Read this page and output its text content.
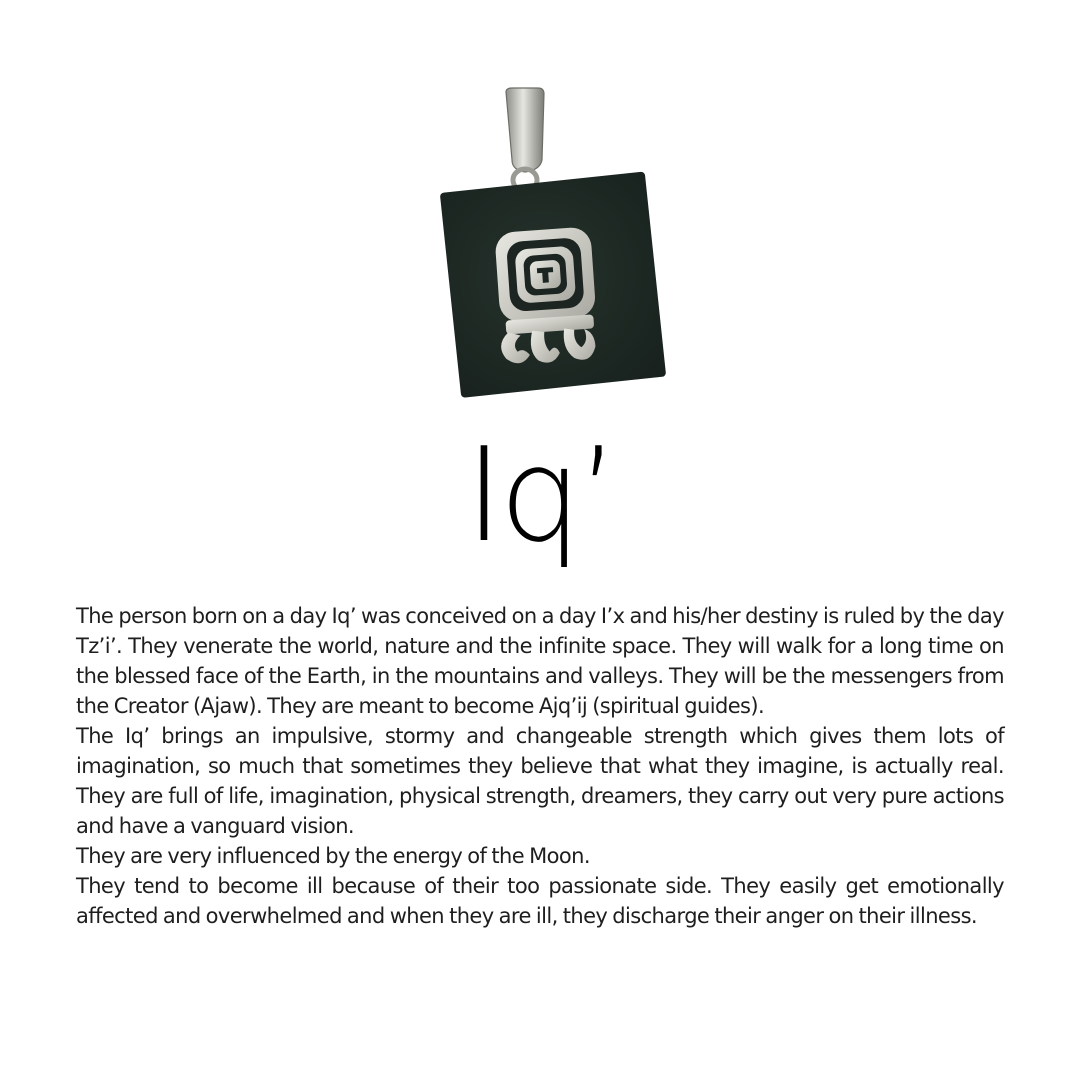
Iq’

The person born on a day Iq’ was conceived on a day I’x and his/her destiny is ruled by the day Tz’i’. They venerate the world, nature and the infinite space. They will walk for a long time on the blessed face of the Earth, in the mountains and valleys. They will be the messengers from the Creator (Ajaw). They are meant to become Ajq’ij (spiritual guides).

The Iq’ brings an impulsive, stormy and changeable strength which gives them lots of imagination, so much that sometimes they believe that what they imagine, is actually real. They are full of life, imagination, physical strength, dreamers, they carry out very pure actions and have a vanguard vision.

They are very influenced by the energy of the Moon.

They tend to become ill because of their too passionate side. They easily get emotionally affected and overwhelmed and when they are ill, they discharge their anger on their illness.
